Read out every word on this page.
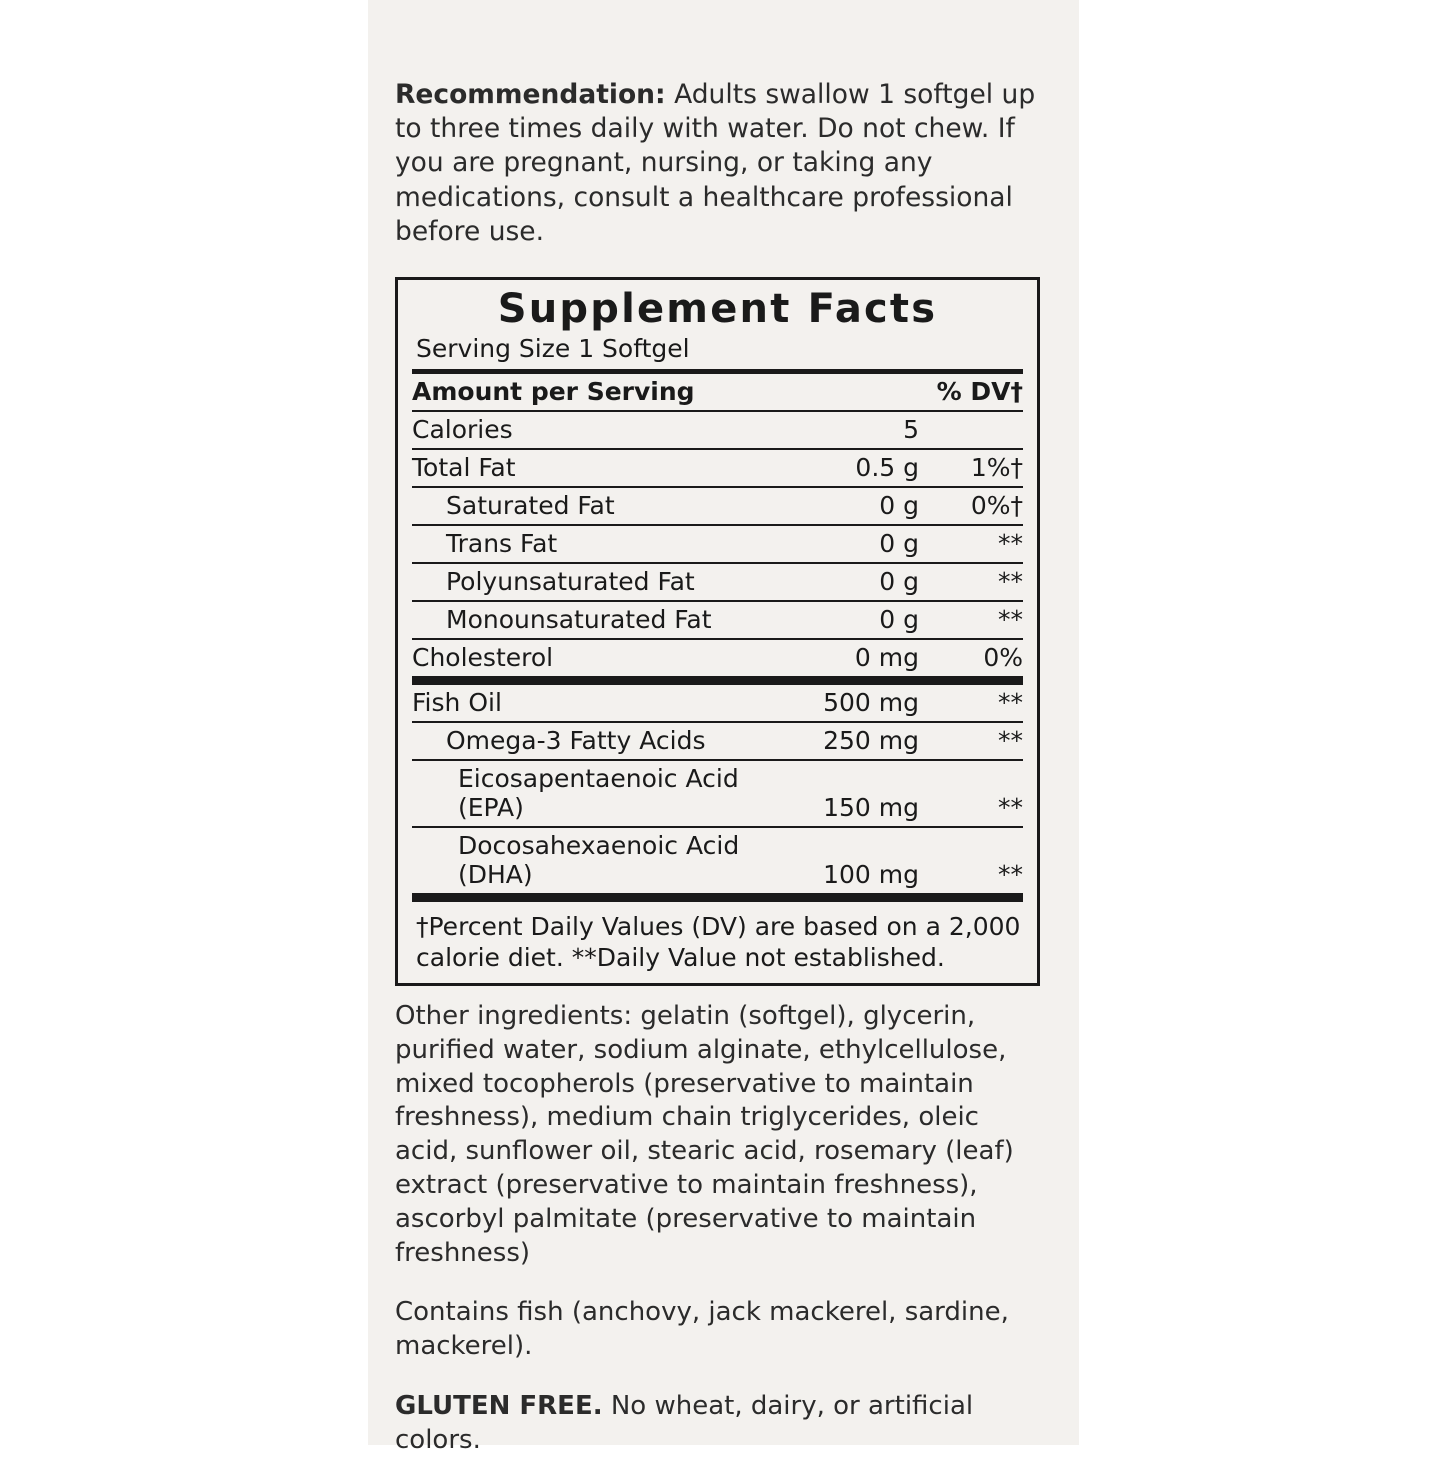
Recommendation: Adults swallow 1 softgel up to three times daily with water. Do not chew. If you are pregnant, nursing, or taking any medications, consult a healthcare professional before use.
Supplement Facts
Serving Size 1 Softgel
Amount per Serving		% DV†
Calories	5	
Total Fat	0.5 g	1%†
Saturated Fat	0 g	0%†
Trans Fat	0 g	**
Polyunsaturated Fat	0 g	**
Monounsaturated Fat	0 g	**
Cholesterol	0 mg	0%
Fish Oil	500 mg	**
Omega-3 Fatty Acids	250 mg	**
Eicosapentaenoic Acid (EPA)	150 mg	**
Docosahexaenoic Acid (DHA)	100 mg	**
†Percent Daily Values (DV) are based on a 2,000 calorie diet. **Daily Value not established.
Other ingredients: gelatin (softgel), glycerin, purified water, sodium alginate, ethylcellulose, mixed tocopherols (preservative to maintain freshness), medium chain triglycerides, oleic acid, sunflower oil, stearic acid, rosemary (leaf) extract (preservative to maintain freshness), ascorbyl palmitate (preservative to maintain freshness)
Contains fish (anchovy, jack mackerel, sardine, mackerel).
GLUTEN FREE. No wheat, dairy, or artificial colors.
